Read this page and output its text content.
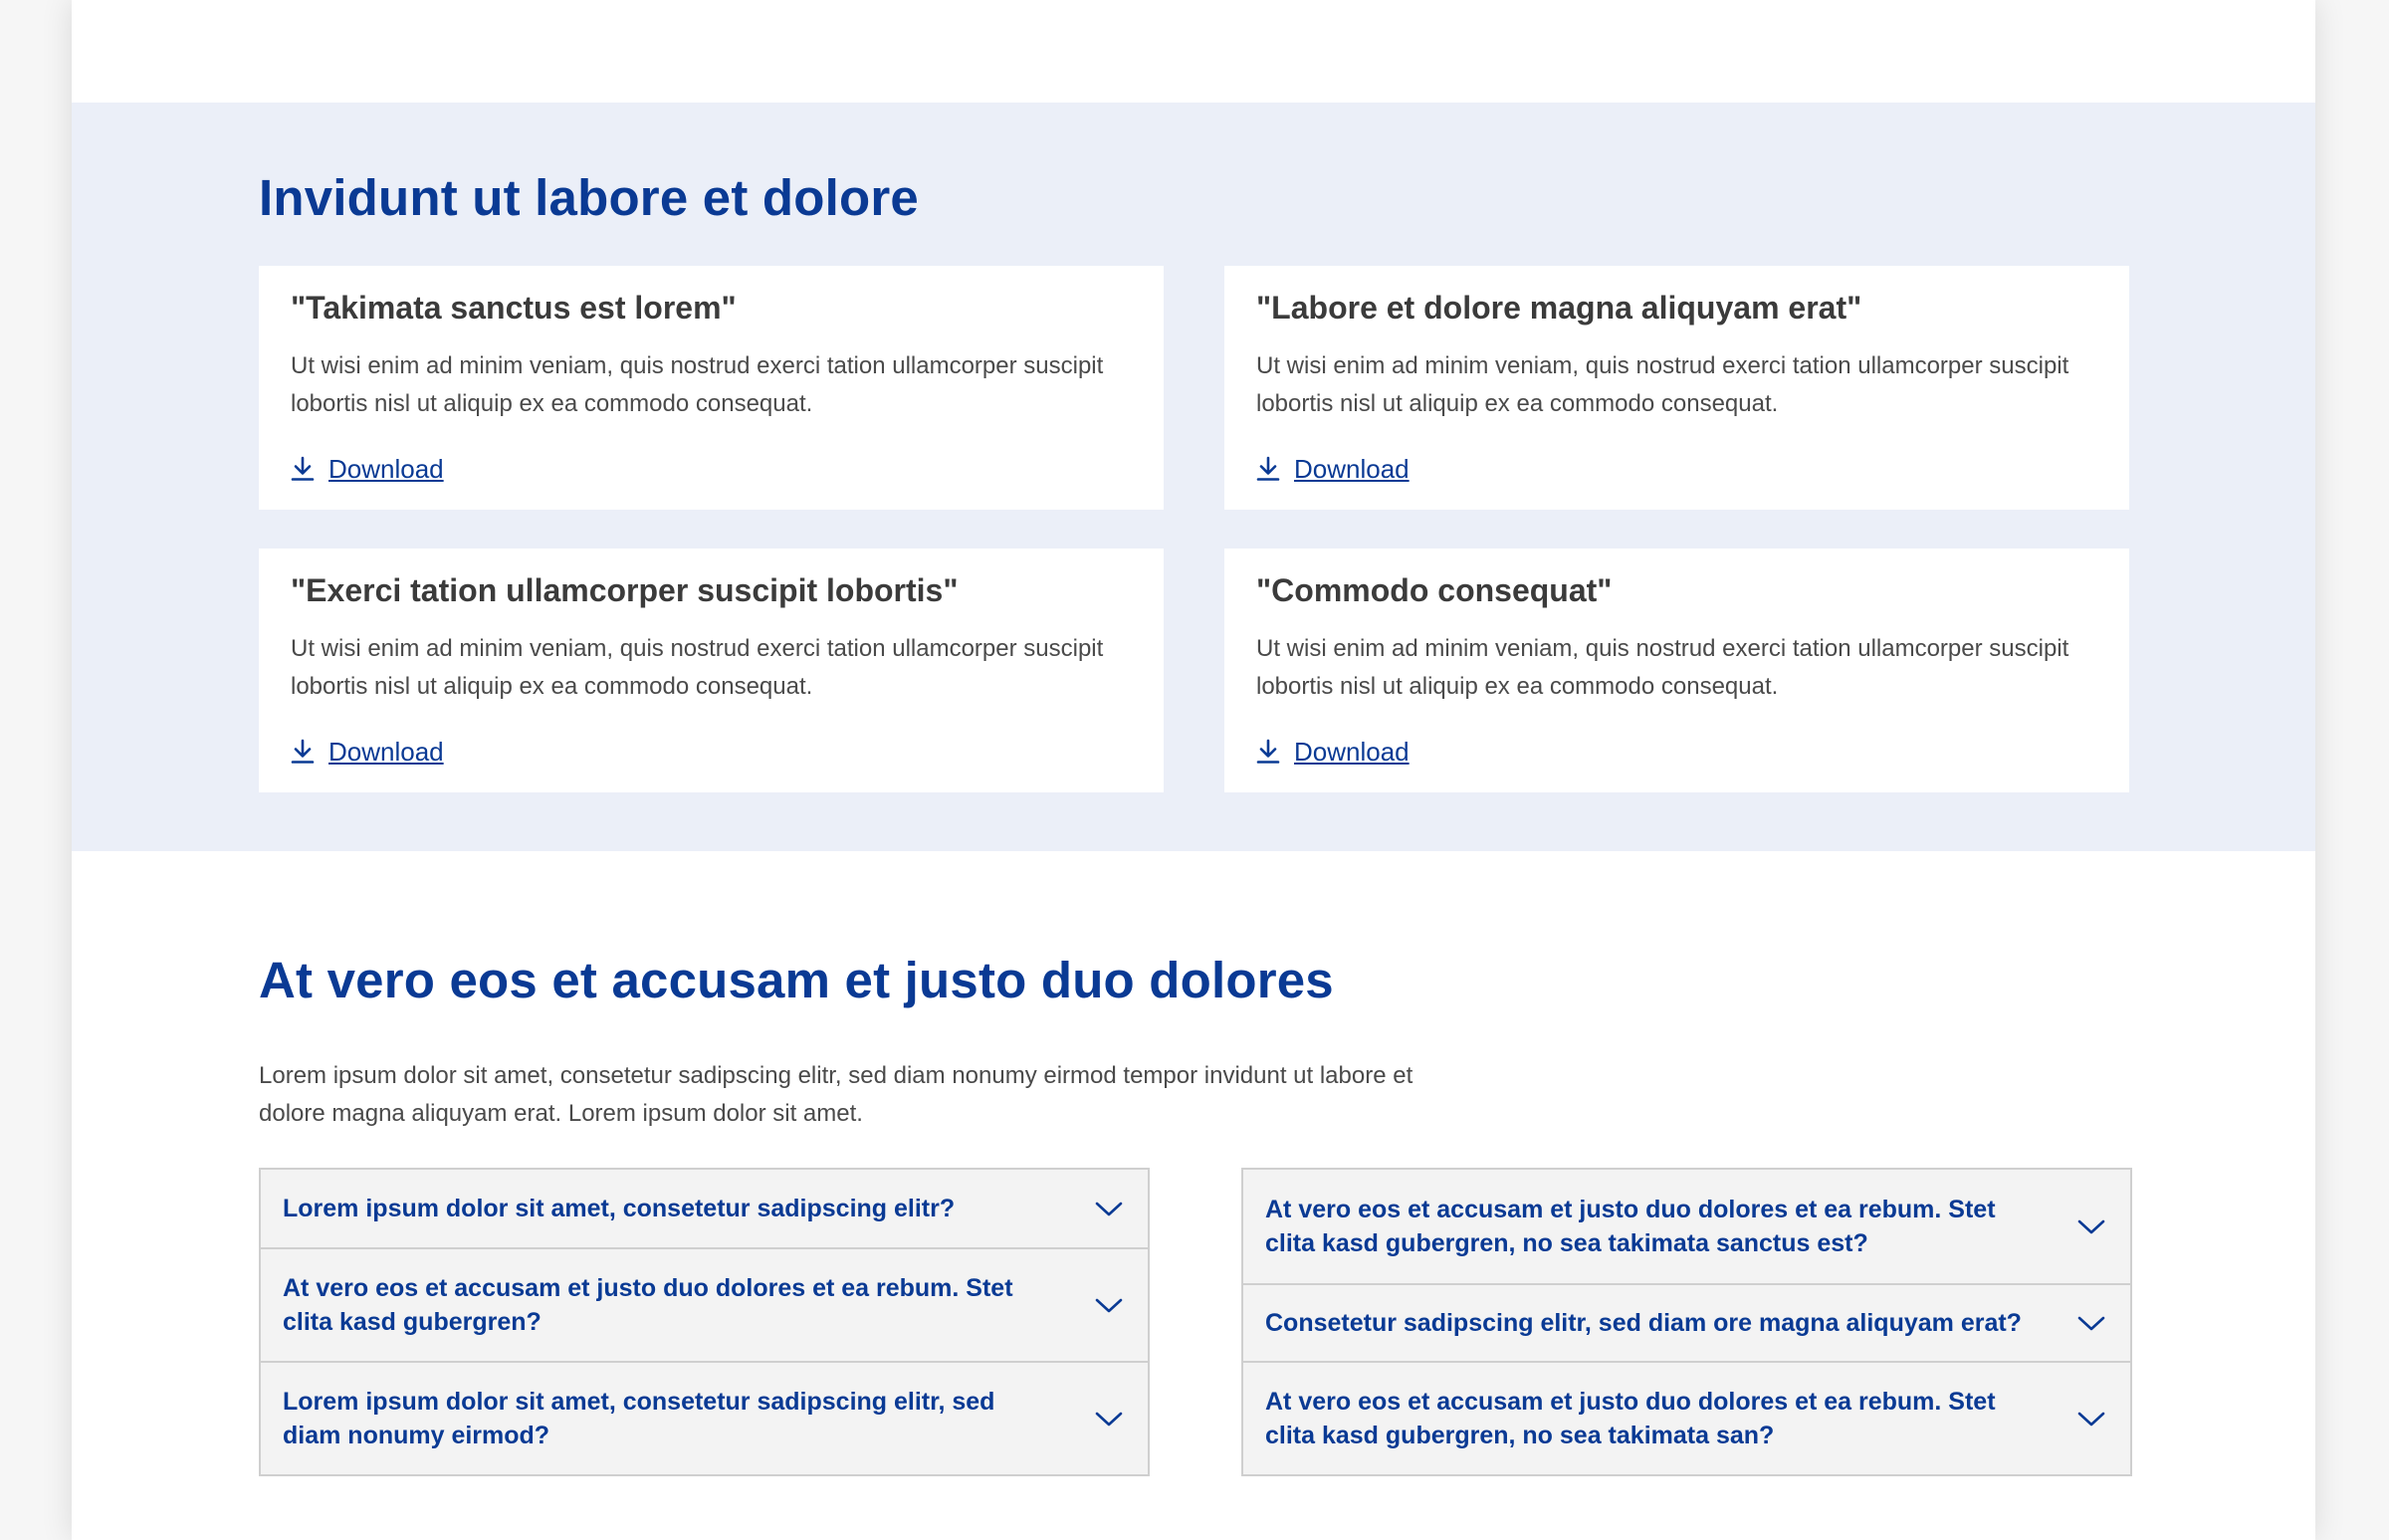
Invidunt ut labore et dolore
"Takimata sanctus est lorem"

Ut wisi enim ad minim veniam, quis nostrud exerci tation ullamcorper suscipit lobortis nisl ut aliquip ex ea commodo consequat.

Download
"Labore et dolore magna aliquyam erat"

Ut wisi enim ad minim veniam, quis nostrud exerci tation ullamcorper suscipit lobortis nisl ut aliquip ex ea commodo consequat.

Download
"Exerci tation ullamcorper suscipit lobortis"

Ut wisi enim ad minim veniam, quis nostrud exerci tation ullamcorper suscipit lobortis nisl ut aliquip ex ea commodo consequat.

Download
"Commodo consequat"

Ut wisi enim ad minim veniam, quis nostrud exerci tation ullamcorper suscipit lobortis nisl ut aliquip ex ea commodo consequat.

Download
At vero eos et accusam et justo duo dolores

Lorem ipsum dolor sit amet, consetetur sadipscing elitr, sed diam nonumy eirmod tempor invidunt ut labore et dolore magna aliquyam erat. Lorem ipsum dolor sit amet.

Lorem ipsum dolor sit amet, consetetur sadipscing elitr?
At vero eos et accusam et justo duo dolores et ea rebum. Stet clita kasd gubergren?
Lorem ipsum dolor sit amet, consetetur sadipscing elitr, sed diam nonumy eirmod?
At vero eos et accusam et justo duo dolores et ea rebum. Stet clita kasd gubergren, no sea takimata sanctus est?
Consetetur sadipscing elitr, sed diam ore magna aliquyam erat?
At vero eos et accusam et justo duo dolores et ea rebum. Stet clita kasd gubergren, no sea takimata san?
